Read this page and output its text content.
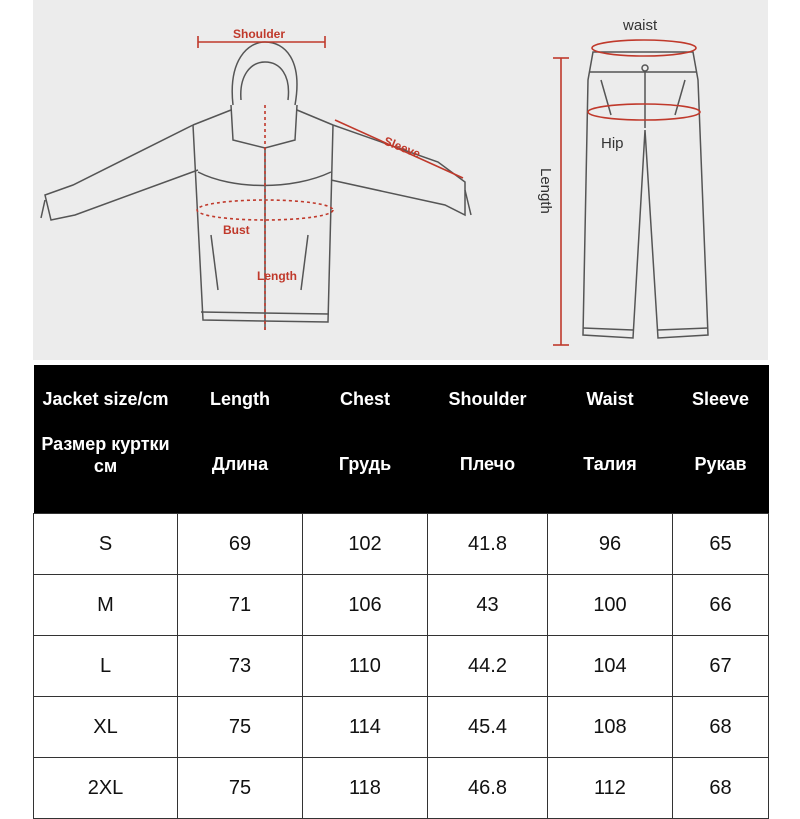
Shoulder
Sleeve
Bust
Length
waist
Hip
Length
Jacket size/cm	Length	Chest	Shoulder	Waist	Sleeve
Размер куртки см	Длина	Грудь	Плечо	Талия	Рукав
S	69	102	41.8	96	65
M	71	106	43	100	66
L	73	110	44.2	104	67
XL	75	114	45.4	108	68
2XL	75	118	46.8	112	68
